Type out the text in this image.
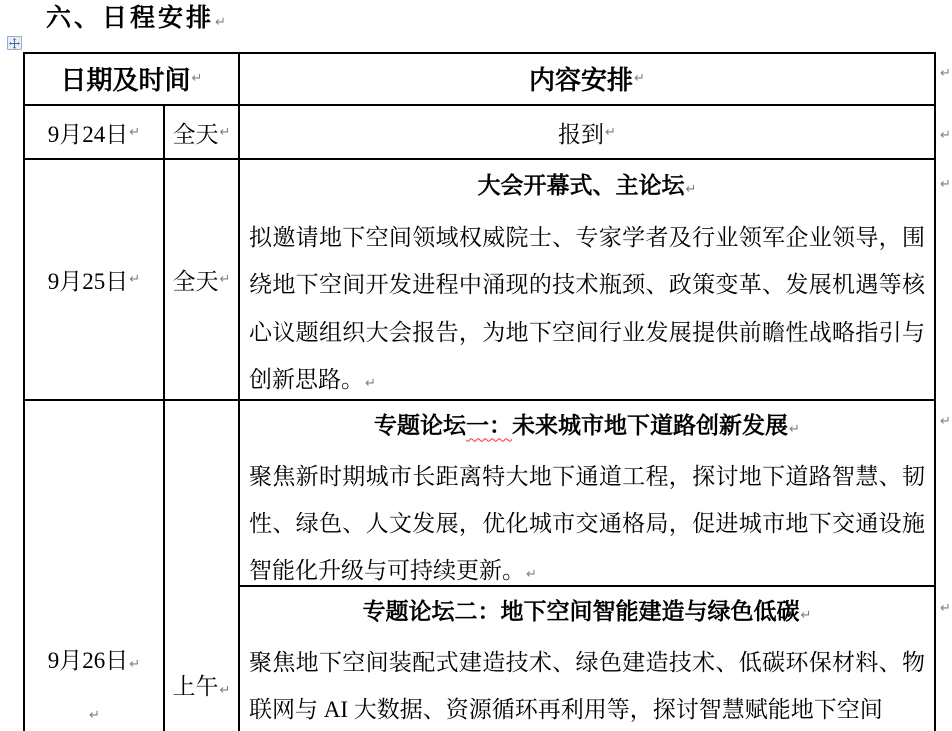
六、日程安排↵
日期及时间 ↵	内容安排 ↵
9月24日 ↵ 全天 ↵	报到 ↵
9月25日 ↵ 全天 ↵
大会开幕式、主论坛↵
拟邀请地下空间领域权威院士、专家学者及行业领军企业领导，围绕地下空间开发进程中涌现的技术瓶颈、政策变革、发展机遇等核心议题组织大会报告，为地下空间行业发展提供前瞻性战略指引与创新思路。↵
9月26日↵
↵
上午↵
专题论坛一：未来城市地下道路创新发展↵
聚焦新时期城市长距离特大地下通道工程，探讨地下道路智慧、韧性、绿色、人文发展，优化城市交通格局，促进城市地下交通设施智能化升级与可持续更新。↵
专题论坛二：地下空间智能建造与绿色低碳↵
聚焦地下空间装配式建造技术、绿色建造技术、低碳环保材料、物联网与 AI 大数据、资源循环再利用等，探讨智慧赋能地下空间
↵
↵
↵
↵
↵
